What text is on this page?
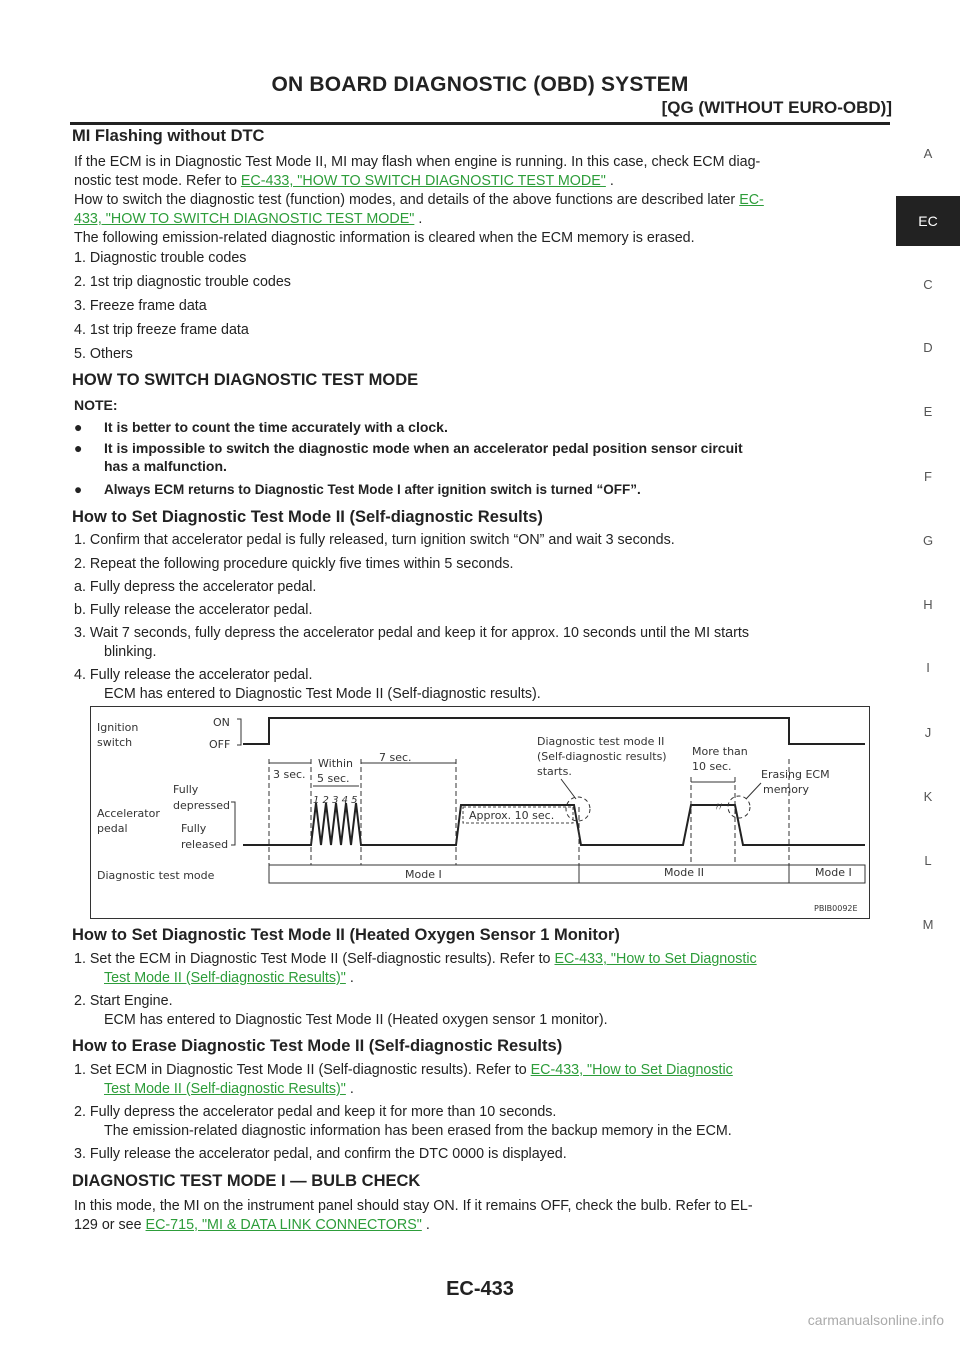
ON BOARD DIAGNOSTIC (OBD) SYSTEM
[QG (WITHOUT EURO-OBD)]
A
EC
C
D
E
F
G
H
I
J
K
L
M
MI Flashing without DTC
If the ECM is in Diagnostic Test Mode II, MI may flash when engine is running. In this case, check ECM diag-
nostic test mode. Refer to EC-433, "HOW TO SWITCH DIAGNOSTIC TEST MODE" .
How to switch the diagnostic test (function) modes, and details of the above functions are described later EC-
433, "HOW TO SWITCH DIAGNOSTIC TEST MODE" .
The following emission-related diagnostic information is cleared when the ECM memory is erased.
1. Diagnostic trouble codes
2. 1st trip diagnostic trouble codes
3. Freeze frame data
4. 1st trip freeze frame data
5. Others
HOW TO SWITCH DIAGNOSTIC TEST MODE
NOTE:
● It is better to count the time accurately with a clock.
● It is impossible to switch the diagnostic mode when an accelerator pedal position sensor circuit
has a malfunction.
● Always ECM returns to Diagnostic Test Mode I after ignition switch is turned “OFF”.
How to Set Diagnostic Test Mode II (Self-diagnostic Results)
1. Confirm that accelerator pedal is fully released, turn ignition switch “ON” and wait 3 seconds.
2. Repeat the following procedure quickly five times within 5 seconds.
a. Fully depress the accelerator pedal.
b. Fully release the accelerator pedal.
3. Wait 7 seconds, fully depress the accelerator pedal and keep it for approx. 10 seconds until the MI starts
blinking.
4. Fully release the accelerator pedal.
ECM has entered to Diagnostic Test Mode II (Self-diagnostic results).
Ignition
switch
ON
OFF
Fully
depressed
Accelerator
pedal	Fully
released
Diagnostic test mode
3 sec.
Within
5 sec.
7 sec.
1 2 3 4 5
Approx. 10 sec.
Diagnostic test mode II
(Self-diagnostic results)
starts.
More than
10 sec.
Erasing ECM
memory
〃
Mode I	Mode II	Mode I
PBIB0092E
How to Set Diagnostic Test Mode II (Heated Oxygen Sensor 1 Monitor)
1. Set the ECM in Diagnostic Test Mode II (Self-diagnostic results). Refer to EC-433, "How to Set Diagnostic
Test Mode II (Self-diagnostic Results)" .
2. Start Engine.
ECM has entered to Diagnostic Test Mode II (Heated oxygen sensor 1 monitor).
How to Erase Diagnostic Test Mode II (Self-diagnostic Results)
1. Set ECM in Diagnostic Test Mode II (Self-diagnostic results). Refer to EC-433, "How to Set Diagnostic
Test Mode II (Self-diagnostic Results)" .
2. Fully depress the accelerator pedal and keep it for more than 10 seconds.
The emission-related diagnostic information has been erased from the backup memory in the ECM.
3. Fully release the accelerator pedal, and confirm the DTC 0000 is displayed.
DIAGNOSTIC TEST MODE I — BULB CHECK
In this mode, the MI on the instrument panel should stay ON. If it remains OFF, check the bulb. Refer to EL-
129 or see EC-715, "MI & DATA LINK CONNECTORS" .
EC-433
carmanualsonline.info
